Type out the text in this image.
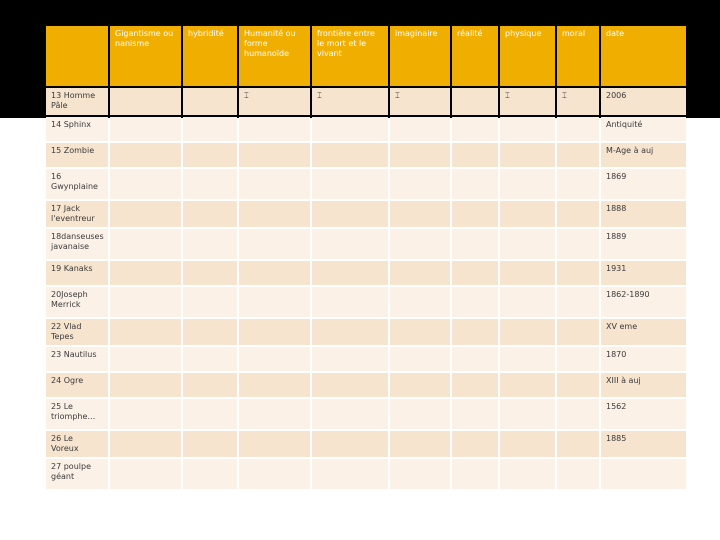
	Gigantisme ou nanisme	hybridité	Humanité ou forme humanoïde	frontière entre le mort et le vivant	imaginaire	réalité	physique	moral	date
13 Homme Pâle			⌶	⌶	⌶		⌶	⌶	2006
14 Sphinx									Antiquité
15 Zombie									M-Age à auj
16 Gwynplaine									1869
17 Jack l'eventreur									1888
18danseuses javanaise									1889
19 Kanaks									1931
20Joseph Merrick									1862-1890
22 Vlad Tepes									XV eme
23 Nautilus									1870
24 Ogre									XIII à auj
25 Le triomphe…									1562
26 Le Voreux									1885
27 poulpe géant									
